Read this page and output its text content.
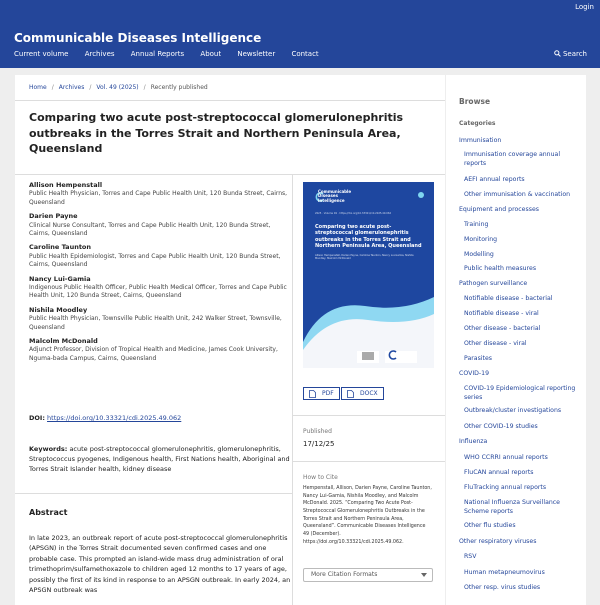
Login
Communicable Diseases Intelligence
Current volume Archives Annual Reports About Newsletter Contact	Search
Home / Archives / Vol. 49 (2025) / Recently published
Comparing two acute post-streptococcal glomerulonephritis outbreaks in the Torres Strait and Northern Peninsula Area, Queensland
Allison Hempenstall
Public Health Physician, Torres and Cape Public Health Unit, 120 Bunda Street, Cairns, Queensland
Darien Payne
Clinical Nurse Consultant, Torres and Cape Public Health Unit, 120 Bunda Street, Cairns, Queensland
Caroline Taunton
Public Health Epidemiologist, Torres and Cape Public Health Unit, 120 Bunda Street, Cairns, Queensland
Nancy Lui-Gamia
Indigenous Public Health Officer, Public Health Medical Officer, Torres and Cape Public Health Unit, 120 Bunda Street, Cairns, Queensland
Nishila Moodley
Public Health Physician, Townsville Public Health Unit, 242 Walker Street, Townsville, Queensland
Malcolm McDonald
Adjunct Professor, Division of Tropical Health and Medicine, James Cook University, Nguma-bada Campus, Cairns, Queensland
DOI: https://doi.org/10.33321/cdi.2025.49.062
Keywords: acute post-streptococcal glomerulonephritis, glomerulonephritis, Streptococcus pyogenes, Indigenous health, First Nations health, Aboriginal and Torres Strait Islander health, kidney disease
Abstract

In late 2023, an outbreak report of acute post-streptococcal glomerulonephritis (APSGN) in the Torres Strait documented seven confirmed cases and one probable case. This prompted an island-wide mass drug administration of oral trimethoprim/sulfamethoxazole to children aged 12 months to 17 years of age, possibly the first of its kind in response to an APSGN outbreak. In early 2024, an APSGN outbreak was

Communicable
Diseases
Intelligence
2025 · Volume 49 · https://doi.org/10.33321/cdi.2025.49.062
Comparing two acute post-streptococcal glomerulonephritis outbreaks in the Torres Strait and Northern Peninsula Area, Queensland
Allison Hempenstall, Darien Payne, Caroline Taunton, Nancy Lui-Gamia, Nishila Moodley, Malcolm McDonald
PDF	DOCX
Published
17/12/25
How to Cite
Hempenstall, Allison, Darien Payne, Caroline Taunton, Nancy Lui-Gamia, Nishila Moodley, and Malcolm McDonald. 2025. “Comparing Two Acute Post-Streptococcal Glomerulonephritis Outbreaks in the Torres Strait and Northern Peninsula Area, Queensland”. Communicable Diseases Intelligence 49 (December). https://doi.org/10.33321/cdi.2025.49.062.
More Citation Formats
Browse
Categories
Immunisation
Immunisation coverage annual reports
AEFI annual reports
Other immunisation & vaccination
Equipment and processes
Training
Monitoring
Modelling
Public health measures
Pathogen surveillance
Notifiable disease - bacterial
Notifiable disease - viral
Other disease - bacterial
Other disease - viral
Parasites
COVID-19
COVID-19 Epidemiological reporting series
Outbreak/cluster investigations
Other COVID-19 studies
Influenza
WHO CCRRI annual reports
FluCAN annual reports
FluTracking annual reports
National Influenza Surveillance Scheme reports
Other flu studies
Other respiratory viruses
RSV
Human metapneumovirus
Other resp. virus studies
